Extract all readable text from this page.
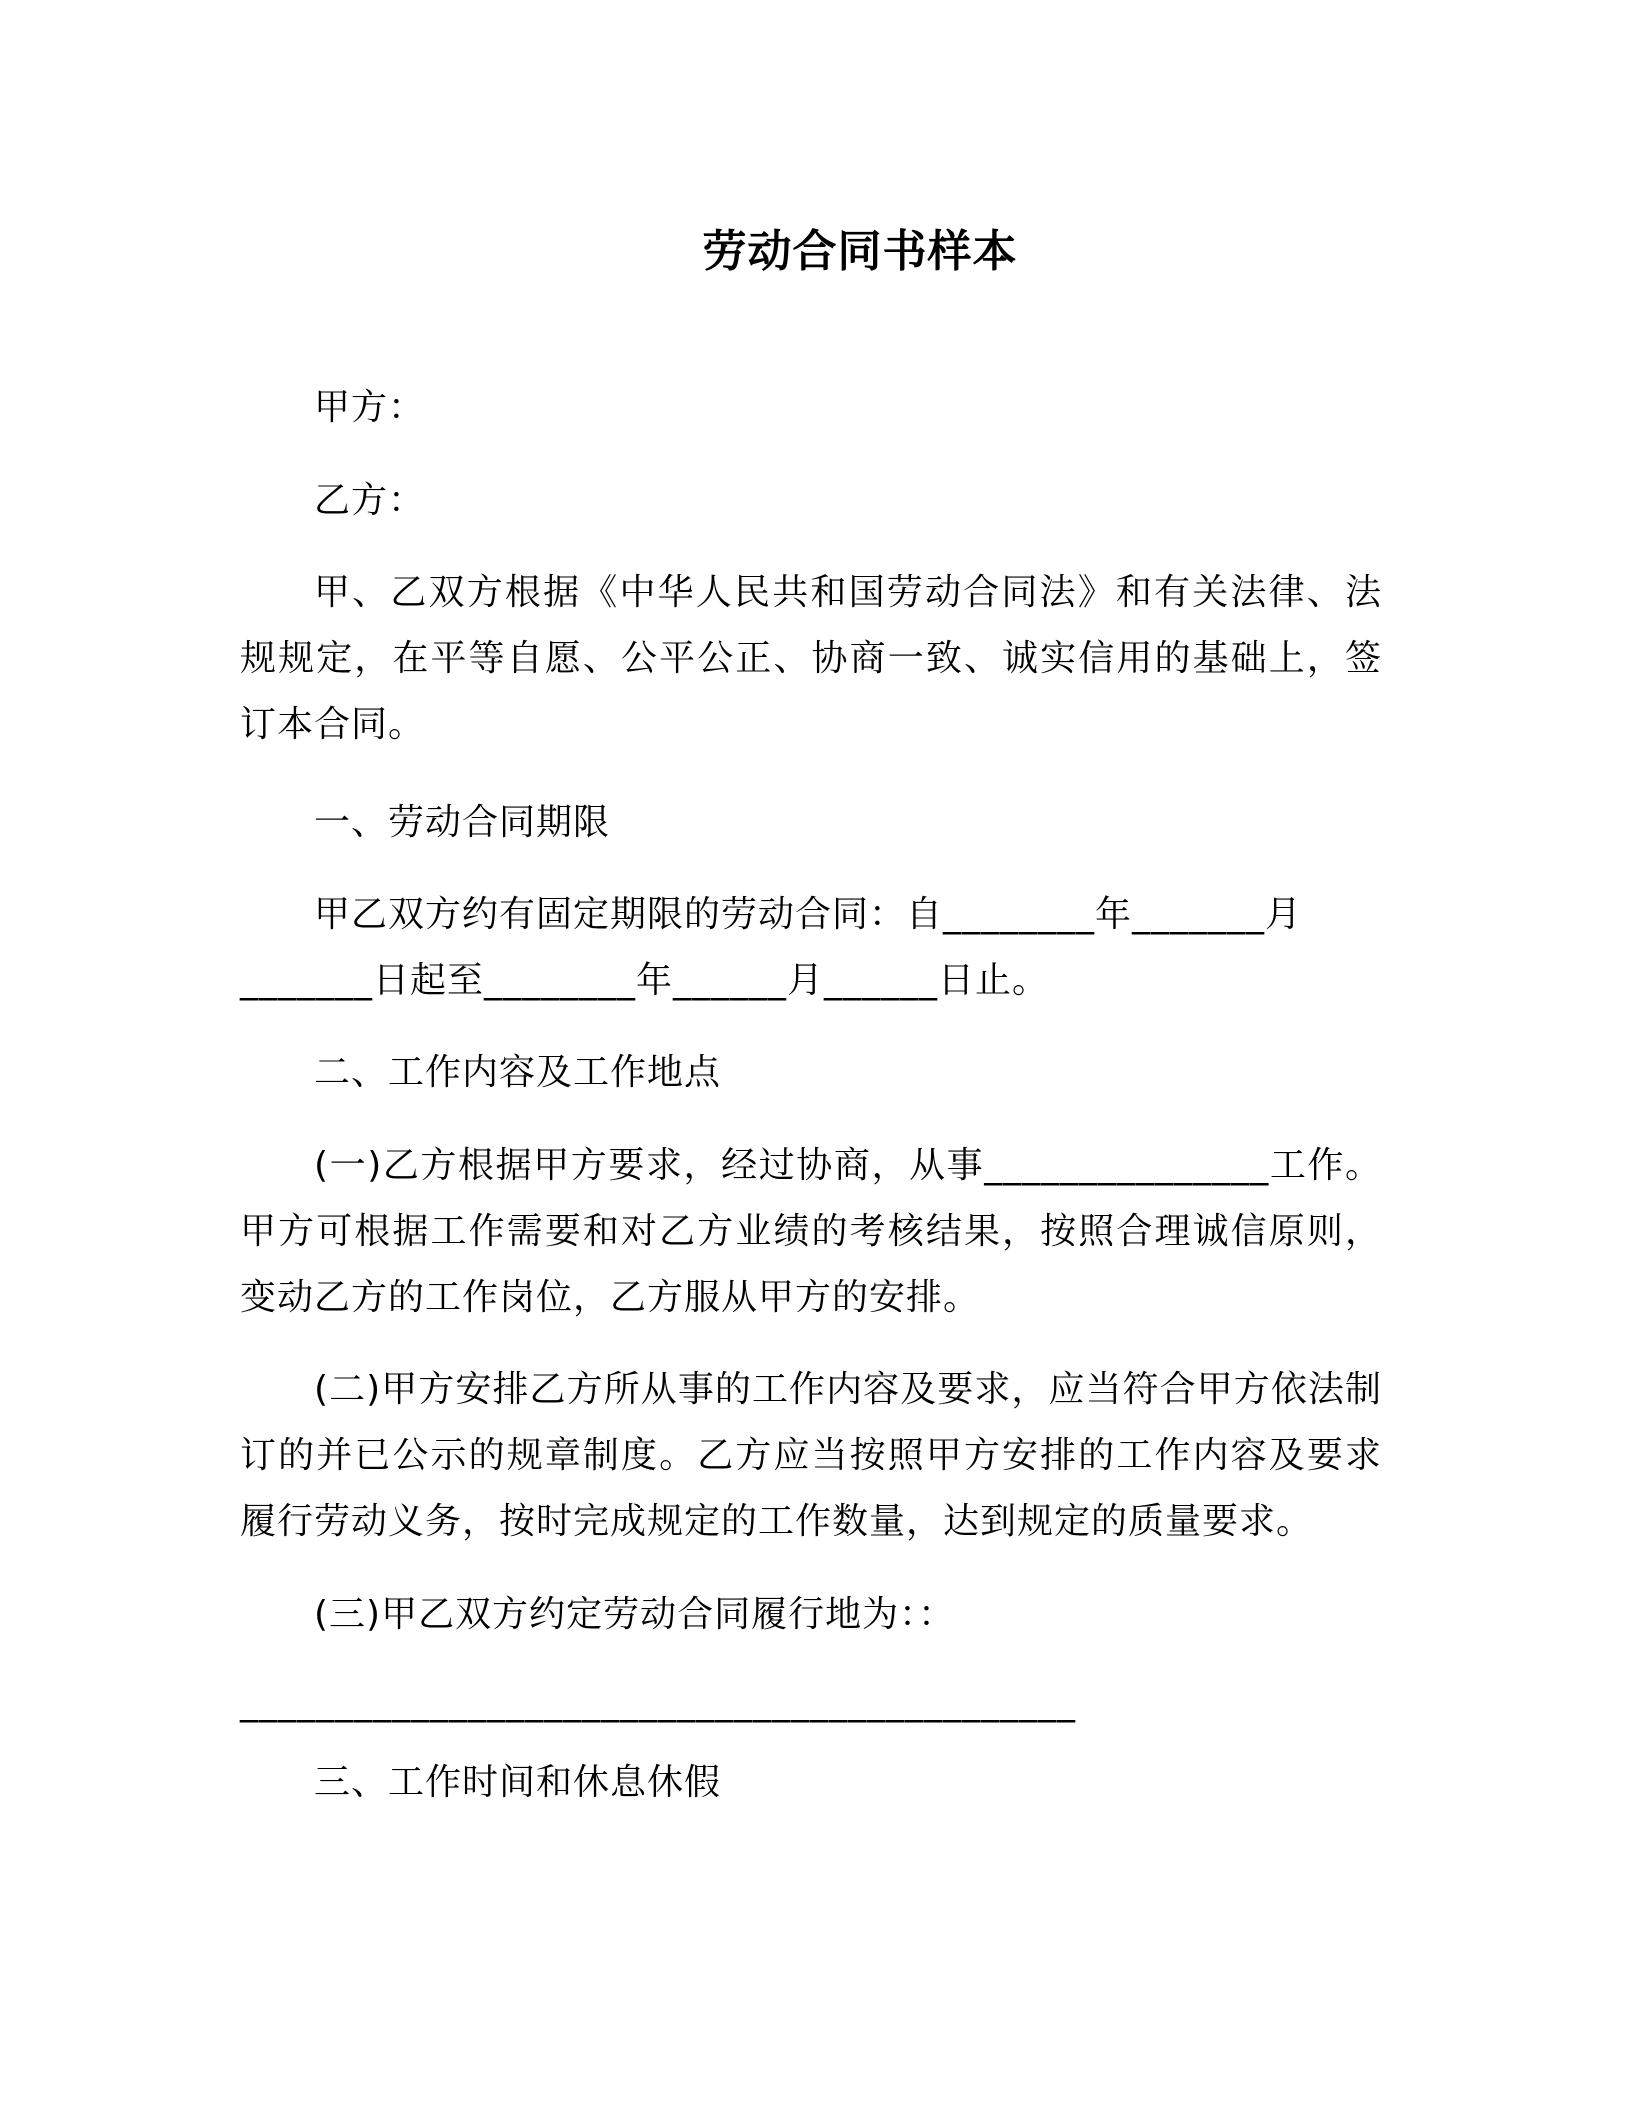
劳动合同书样本
甲方：
乙方：
甲、乙双方根据《中华人民共和国劳动合同法》和有关法律、法规规定，在平等自愿、公平公正、协商一致、诚实信用的基础上，签订本合同。
一、劳动合同期限
甲乙双方约有固定期限的劳动合同：自________年_______月
_______日起至________年______月______日止。
二、工作内容及工作地点
(一)乙方根据甲方要求，经过协商，从事_______________工作。甲方可根据工作需要和对乙方业绩的考核结果，按照合理诚信原则，变动乙方的工作岗位，乙方服从甲方的安排。
(二)甲方安排乙方所从事的工作内容及要求，应当符合甲方依法制订的并已公示的规章制度。乙方应当按照甲方安排的工作内容及要求履行劳动义务，按时完成规定的工作数量，达到规定的质量要求。
(三)甲乙双方约定劳动合同履行地为：：
____________________________________________
三、工作时间和休息休假
